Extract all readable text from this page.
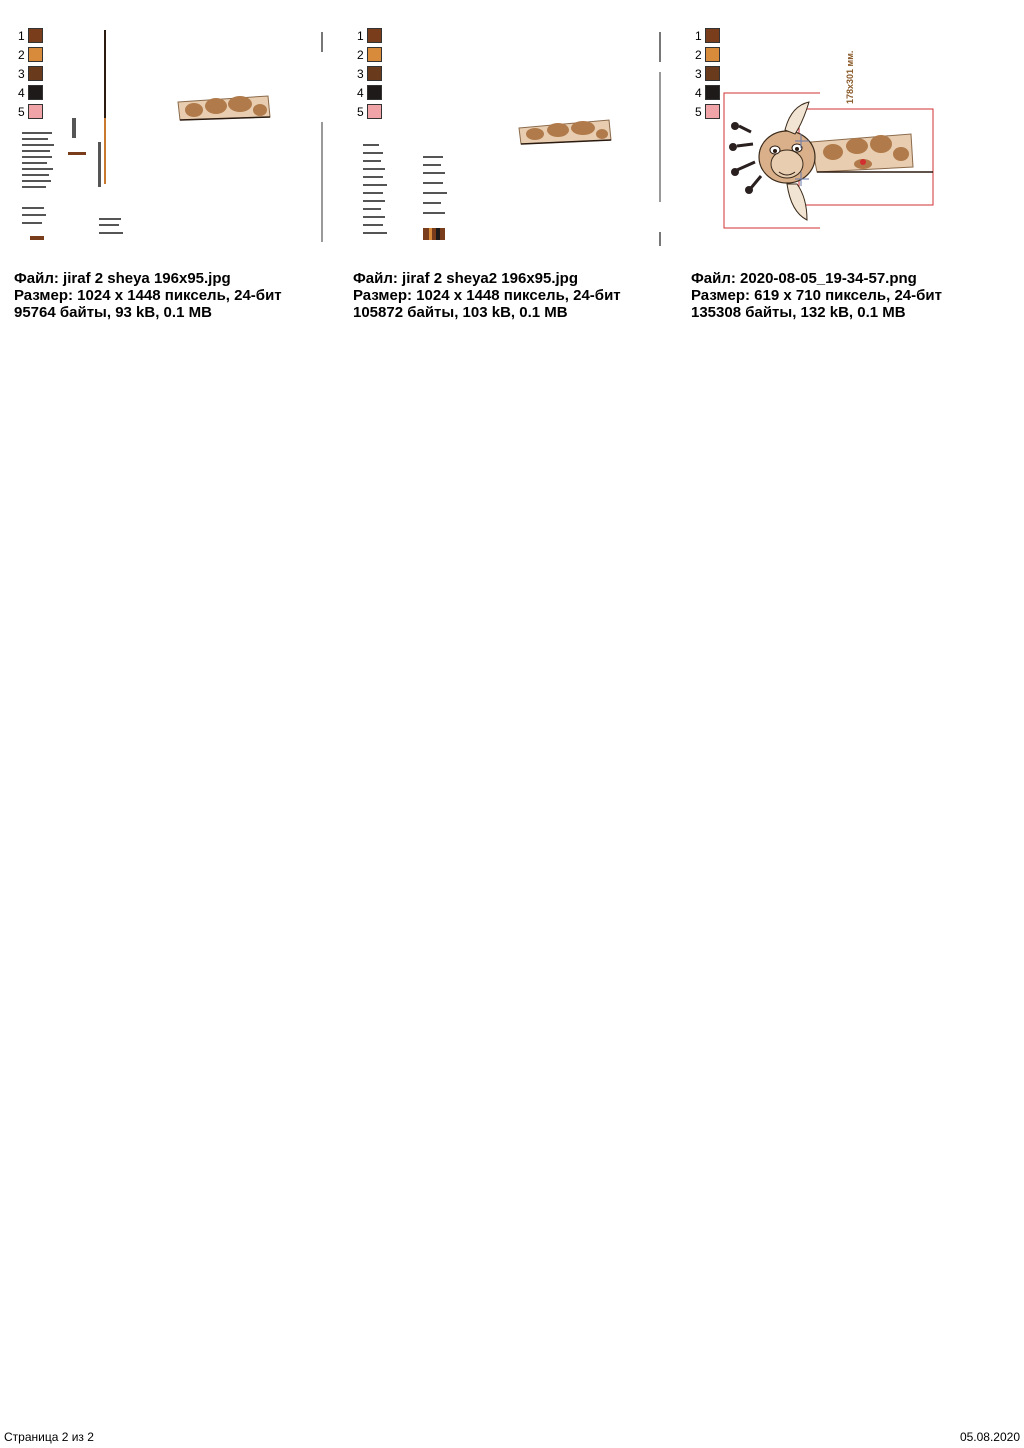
1
2
3
4
5
Файл: jiraf 2 sheya 196x95.jpg
Размер: 1024 x 1448 пиксель, 24-бит
95764 байты, 93 kB, 0.1 MB
1
2
3
4
5
Файл: jiraf 2 sheya2 196x95.jpg
Размер: 1024 x 1448 пиксель, 24-бит
105872 байты, 103 kB, 0.1 MB
1
2
3
4
5
178x301 мм.
Файл: 2020-08-05_19-34-57.png
Размер: 619 x 710 пиксель, 24-бит
135308 байты, 132 kB, 0.1 MB
Страница 2 из 2	05.08.2020
